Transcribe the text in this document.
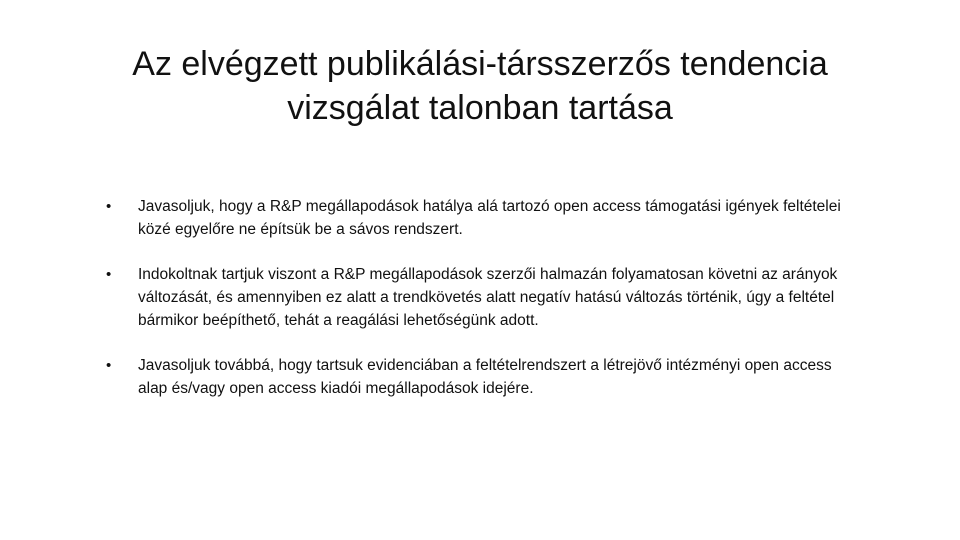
Az elvégzett publikálási-társszerzős tendencia
vizsgálat talonban tartása
• Javasoljuk, hogy a R&P megállapodások hatálya alá tartozó open access támogatási igények feltételei közé egyelőre ne építsük be a sávos rendszert.
• Indokoltnak tartjuk viszont a R&P megállapodások szerzői halmazán folyamatosan követni az arányok változását, és amennyiben ez alatt a trendkövetés alatt negatív hatású változás történik, úgy a feltétel bármikor beépíthető, tehát a reagálási lehetőségünk adott.
• Javasoljuk továbbá, hogy tartsuk evidenciában a feltételrendszert a létrejövő intézményi open access alap és/vagy open access kiadói megállapodások idejére.
